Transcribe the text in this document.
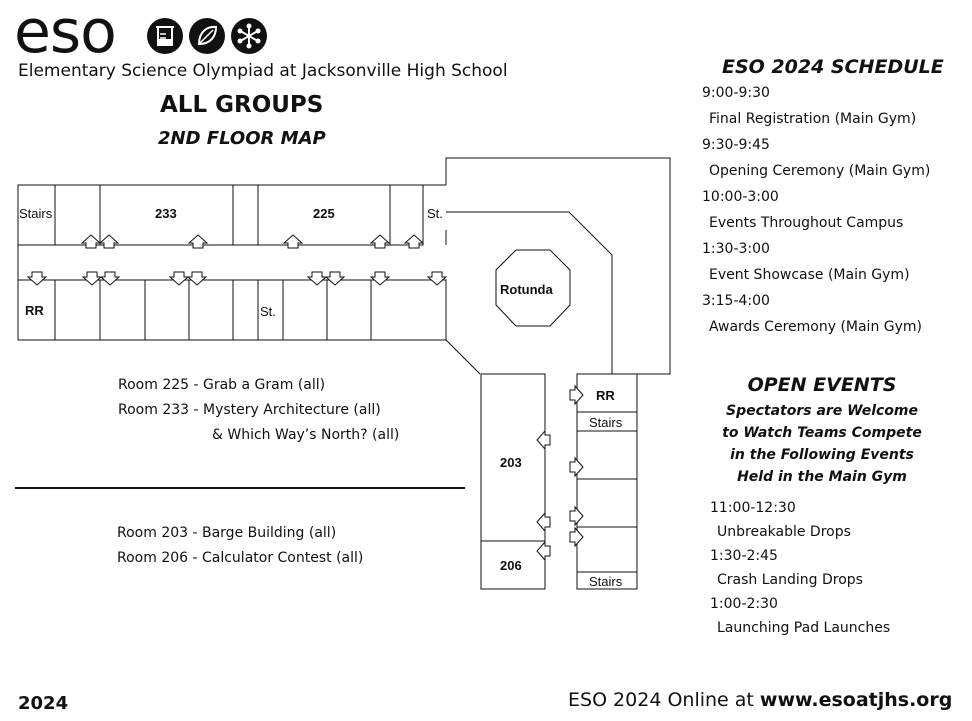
eso
Elementary Science Olympiad at Jacksonville High School
ALL GROUPS
2ND FLOOR MAP
Stairs	233	225	St.
RR	St.
Rotunda
RR
Stairs
203
206
Stairs
Room 225 - Grab a Gram (all)
Room 233 - Mystery Architecture (all)
& Which Way’s North? (all)
Room 203 - Barge Building (all)
Room 206 - Calculator Contest (all)
ESO 2024 SCHEDULE
9:00-9:30
Final Registration (Main Gym)
9:30-9:45
Opening Ceremony (Main Gym)
10:00-3:00
Events Throughout Campus
1:30-3:00
Event Showcase (Main Gym)
3:15-4:00
Awards Ceremony (Main Gym)
OPEN EVENTS
Spectators are Welcome
to Watch Teams Compete
in the Following Events
Held in the Main Gym
11:00-12:30
Unbreakable Drops
1:30-2:45
Crash Landing Drops
1:00-2:30
Launching Pad Launches
2024	ESO 2024 Online at www.esoatjhs.org
